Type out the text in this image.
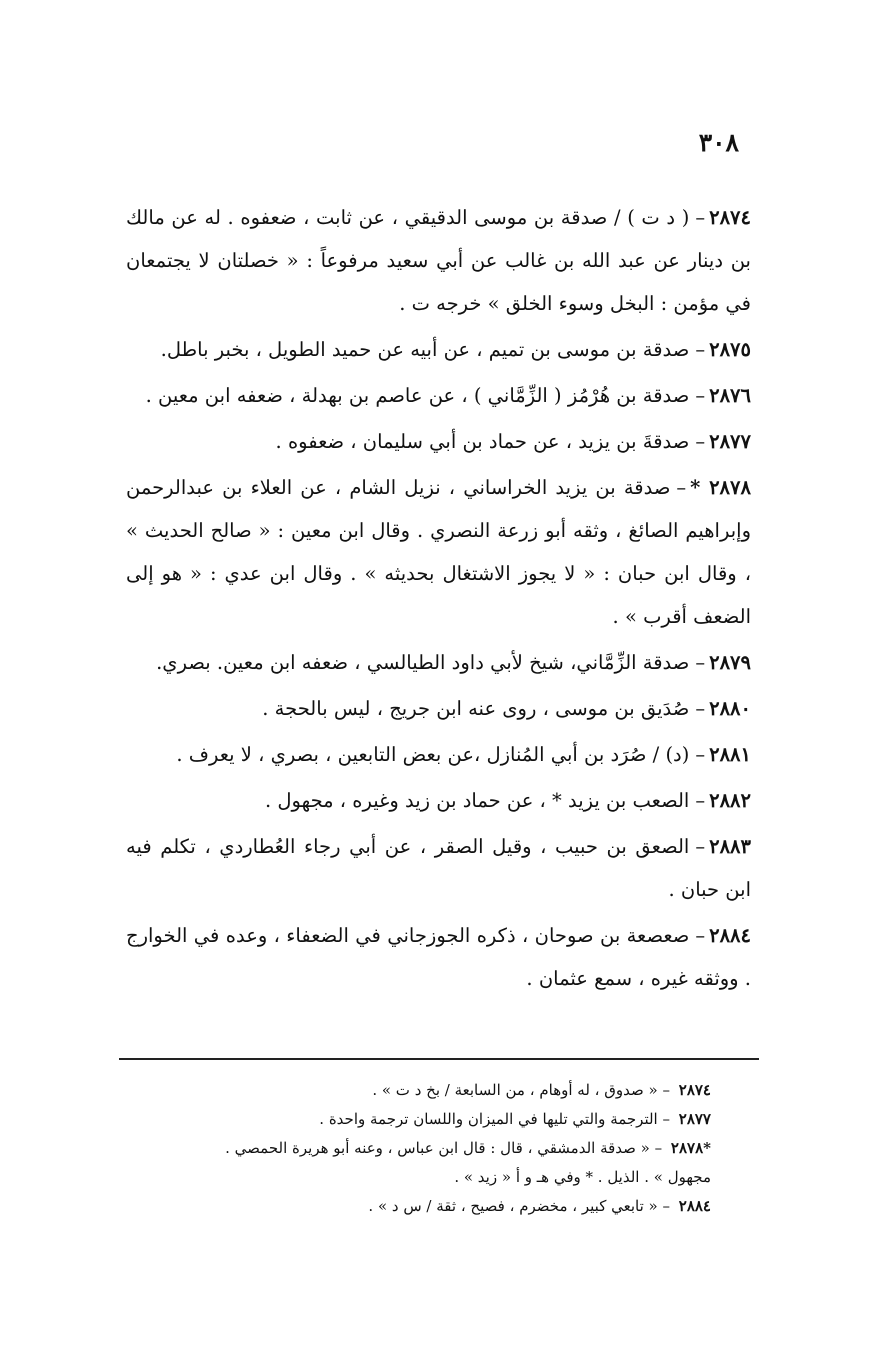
٣٠٨

٢٨٧٤–( د ت ) / صدقة بن موسى الدقيقي ، عن ثابت ، ضعفوه . له عن مالك بن دينار عن عبد الله بن غالب عن أبي سعيد مرفوعاً : « خصلتان لا يجتمعان في مؤمن : البخل وسوء الخلق » خرجه ت .

٢٨٧٥–صدقة بن موسى بن تميم ، عن أبيه عن حميد الطويل ، بخبر باطل.

٢٨٧٦–صدقة بن هُرْمُز ( الزِّمَّاني ) ، عن عاصم بن بهدلة ، ضعفه ابن معين .

٢٨٧٧–صدقةَ بن يزيد ، عن حماد بن أبي سليمان ، ضعفوه .

٢٨٧٨ *–صدقة بن يزيد الخراساني ، نزيل الشام ، عن العلاء بن عبدالرحمن وإبراهيم الصائغ ، وثقه أبو زرعة النصري . وقال ابن معين : « صالح الحديث » ، وقال ابن حبان : « لا يجوز الاشتغال بحديثه » . وقال ابن عدي : « هو إلى الضعف أقرب » .

٢٨٧٩–صدقة الزِّمَّاني، شيخ لأبي داود الطيالسي ، ضعفه ابن معين. بصري.

٢٨٨٠–صُدَيق بن موسى ، روى عنه ابن جريج ، ليس بالحجة .

٢٨٨١–(د) / صُرَد بن أبي المُنازل ،عن بعض التابعين ، بصري ، لا يعرف .

٢٨٨٢–الصعب بن يزيد * ، عن حماد بن زيد وغيره ، مجهول .

٢٨٨٣–الصعق بن حبيب ، وقيل الصقر ، عن أبي رجاء العُطاردي ، تكلم فيه ابن حبان .

٢٨٨٤–صعصعة بن صوحان ، ذكره الجوزجاني في الضعفاء ، وعده في الخوارج . ووثقه غيره ، سمع عثمان .

٢٨٧٤ – « صدوق ، له أوهام ، من السابعة / بخ د ت » .
٢٨٧٧ – الترجمة والتي تليها في الميزان واللسان ترجمة واحدة .
*٢٨٧٨ – « صدقة الدمشقي ، قال : قال ابن عباس ، وعنه أبو هريرة الحمصي .
مجهول » . الذيل . * وفي هـ و أ « زيد » .
٢٨٨٤ – « تابعي كبير ، مخضرم ، فصيح ، ثقة / س د » .
